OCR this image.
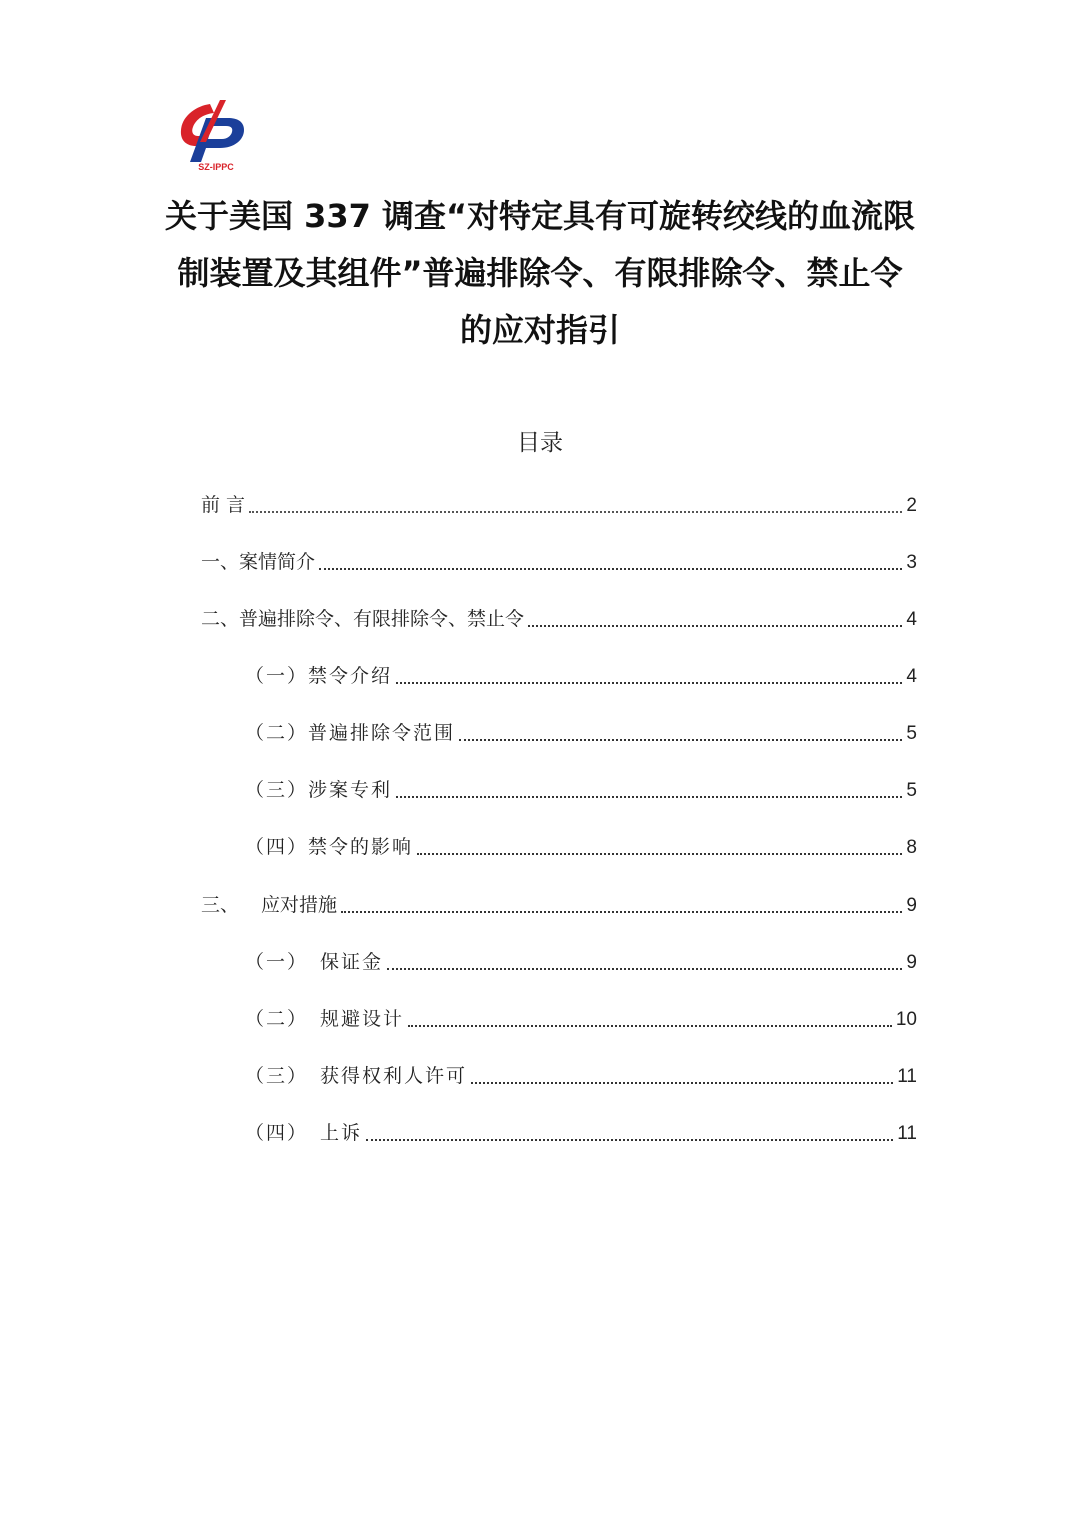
SZ-IPPC
关于美国 337 调查“对特定具有可旋转绞线的血流限
制装置及其组件”普遍排除令、有限排除令、禁止令
的应对指引
目录
前 言	2
一、案情简介	3
二、普遍排除令、有限排除令、禁止令	4
（一）禁令介绍	4
（二）普遍排除令范围	5
（三）涉案专利	5
（四）禁令的影响	8
三、 应对措施	9
（一） 保证金	9
（二） 规避设计	10
（三） 获得权利人许可	11
（四） 上诉	11
